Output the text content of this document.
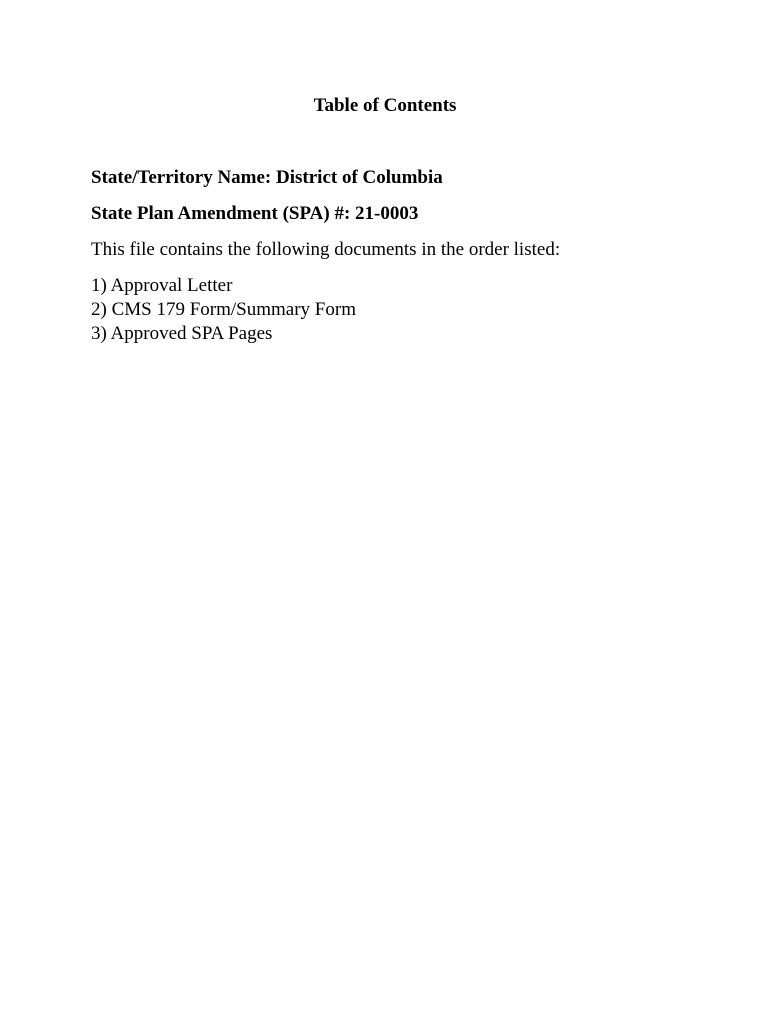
Table of Contents

State/Territory Name: District of Columbia

State Plan Amendment (SPA) #: 21-0003

This file contains the following documents in the order listed:

1) Approval Letter
2) CMS 179 Form/Summary Form
3) Approved SPA Pages
